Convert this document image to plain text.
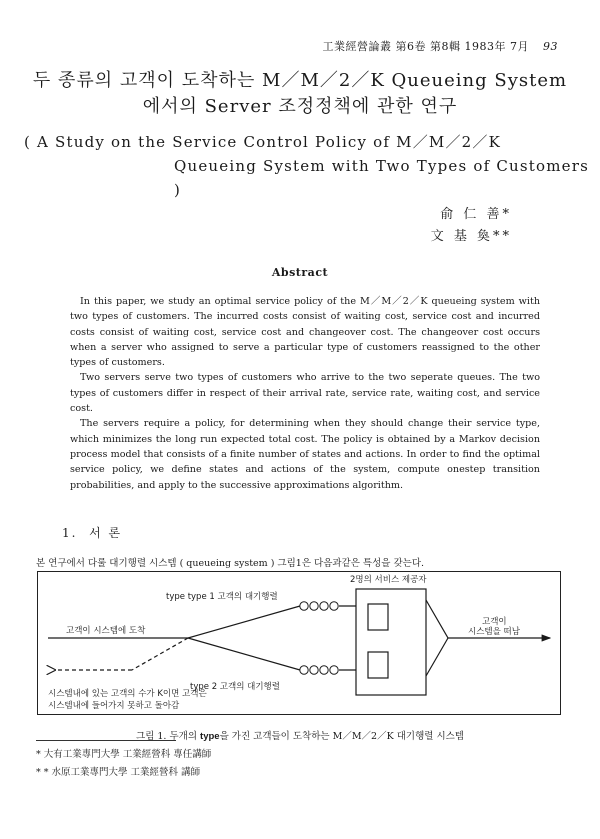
工業經營論叢 第6卷 第8輯 1983年 7月 93
두 종류의 고객이 도착하는 M／M／2／K Queueing System
에서의 Server 조정정책에 관한 연구
( A Study on the Service Control Policy of M／M／2／K
Queueing System with Two Types of Customers )
俞 仁 善*
文 基 奐**
Abstract

In this paper, we study an optimal service policy of the M／M／2／K queueing system with two types of customers. The incurred costs consist of waiting cost, service cost and incurred costs consist of waiting cost, service cost and changeover cost. The changeover cost occurs when a server who assigned to serve a particular type of customers reassigned to the other types of customers.

Two servers serve two types of customers who arrive to the two seperate queues. The two types of customers differ in respect of their arrival rate, service rate, waiting cost, and service cost.

The servers require a policy, for determining when they should change their service type, which minimizes the long run expected total cost. The policy is obtained by a Markov decision process model that consists of a finite number of states and actions. In order to find the optimal service policy, we define states and actions of the system, compute onestep transition probabilities, and apply to the successive approximations algorithm.

1. 서 론
본 연구에서 다룰 대기행렬 시스템 ( queueing system ) 그림1은 다음과같은 특성을 갖는다.
고객이 시스템에 도착
type type 1 고객의 대기행렬
type 2 고객의 대기행렬
2명의 서비스 제공자
고객이
시스템을 떠남
시스템내에 있는 고객의 수가 K이면 고객은
시스템내에 들어가지 못하고 돌아감
그림 1. 두개의 type을 가진 고객들이 도착하는 M／M／2／K 대기행렬 시스템
* 大有工業專門大學 工業經營科 專任講師
* * 水原工業專門大學 工業經營科 講師
